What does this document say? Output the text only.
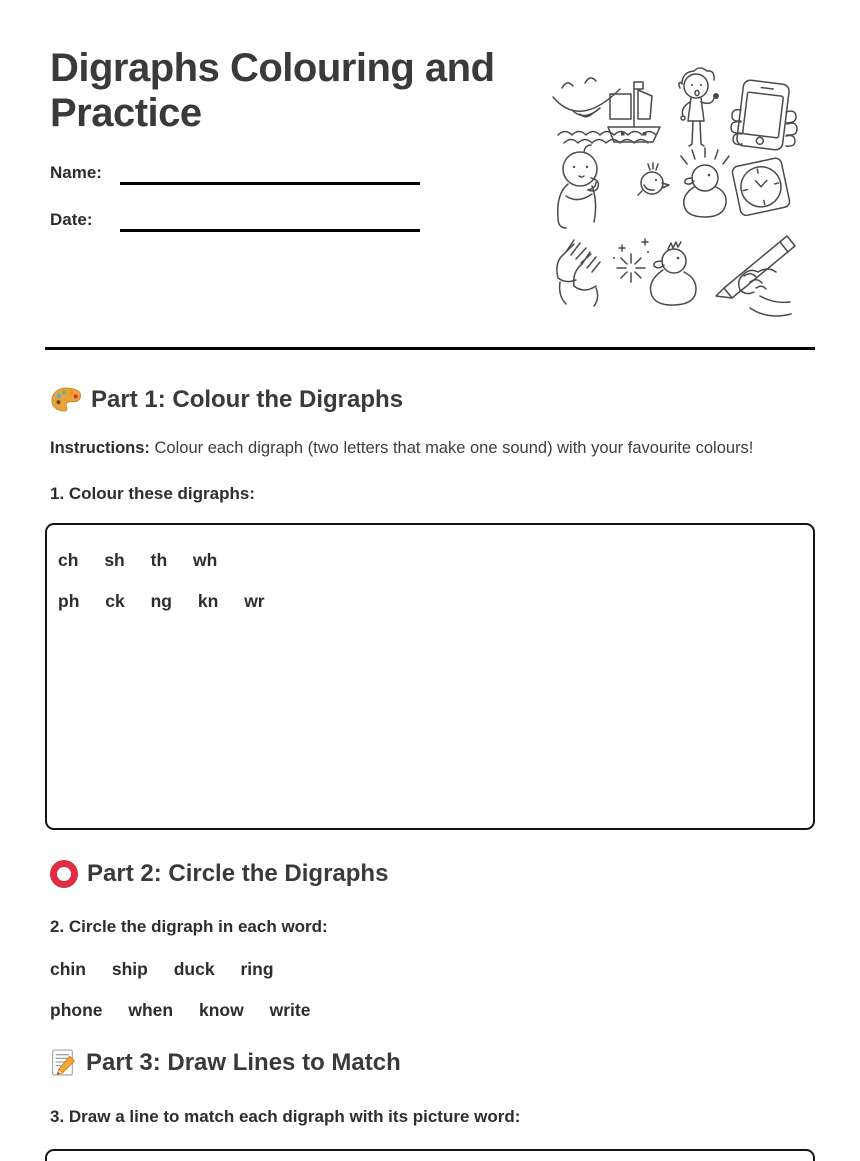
Digraphs Colouring and Practice
Name:
Date:
Part 1: Colour the Digraphs

Instructions: Colour each digraph (two letters that make one sound) with your favourite colours!

1. Colour these digraphs:

ch sh th wh
ph ck ng kn wr
Part 2: Circle the Digraphs

2. Circle the digraph in each word:

chin ship duck ring
phone when know write
Part 3: Draw Lines to Match

3. Draw a line to match each digraph with its picture word:
